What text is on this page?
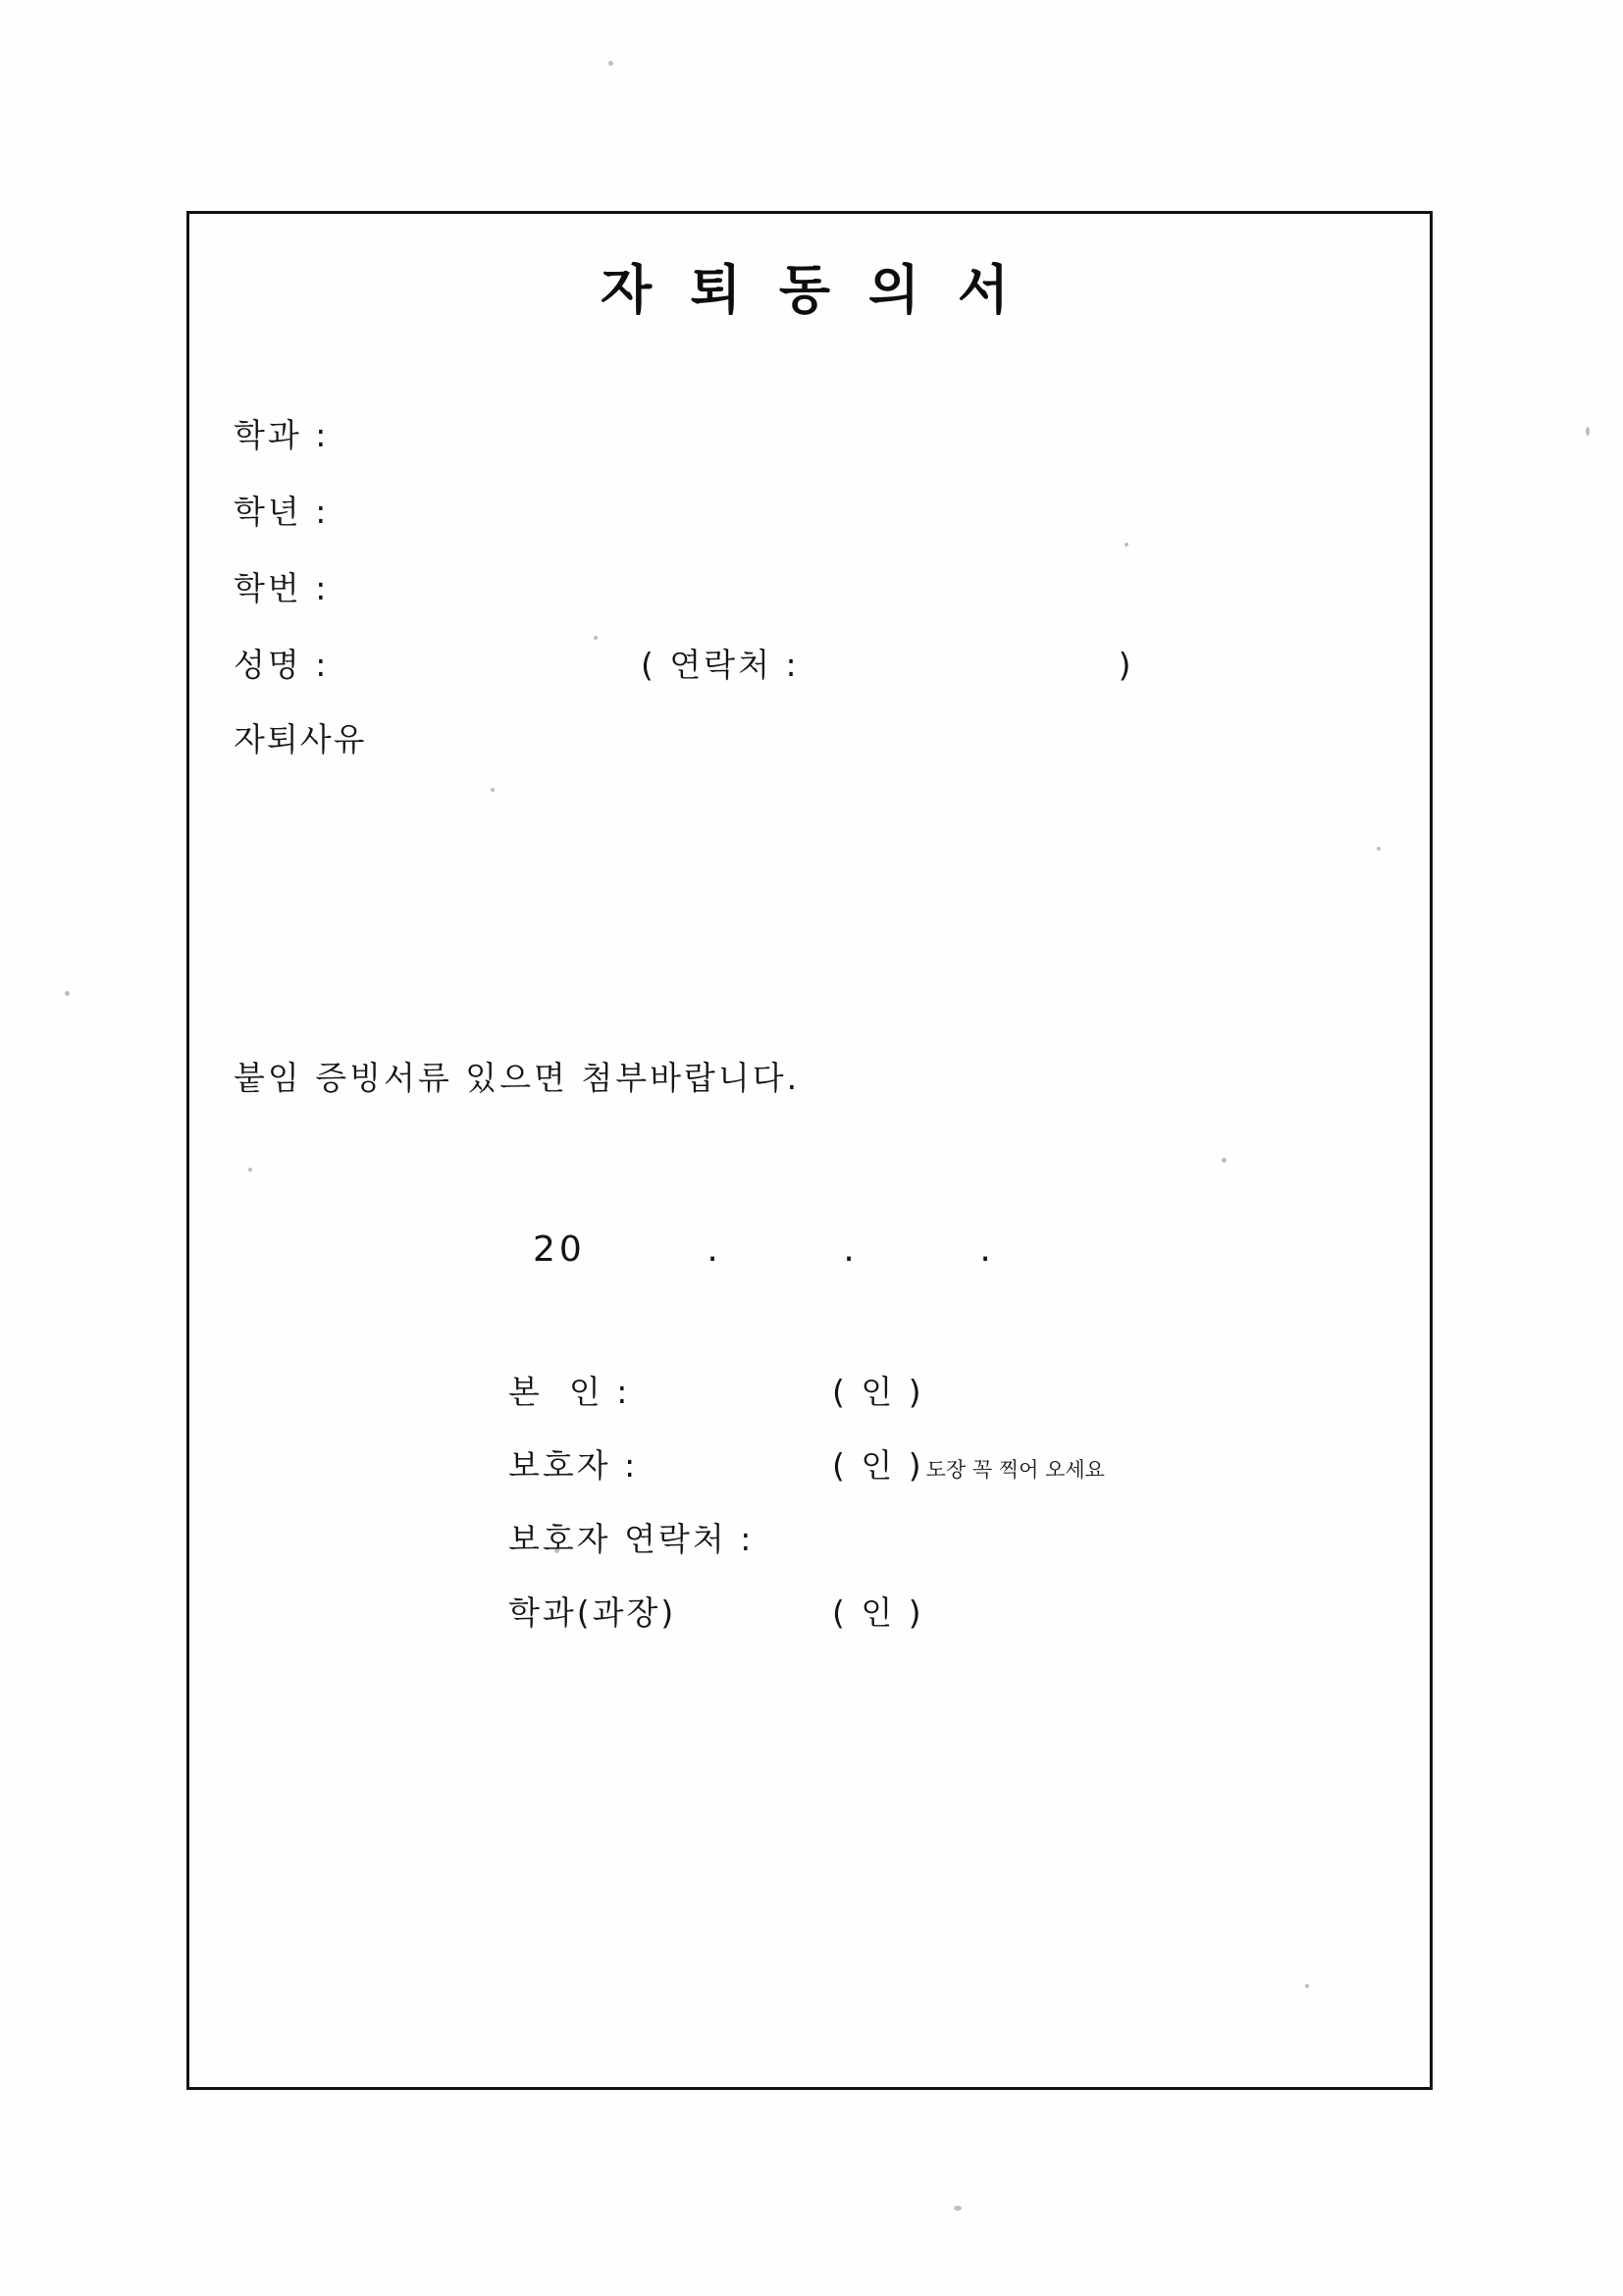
자 퇴 동 의 서
학과 :
학년 :
학번 :
성명 :	( 연락처 :	)
자퇴사유
붙임 증빙서류 있으면 첨부바랍니다.
20        .        .        .
본  인 :	( 인 )
보호자 :	( 인 ) 도장 꼭 찍어 오세요
보호자 연락처 :
학과(과장)	( 인 )
